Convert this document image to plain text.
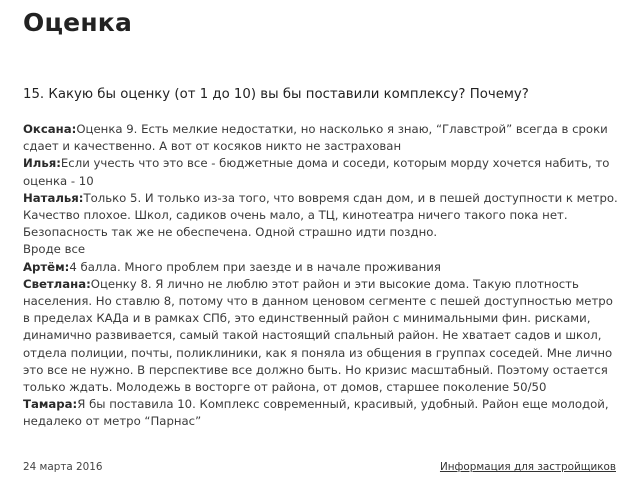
Оценка
15. Какую бы оценку (от 1 до 10) вы бы поставили комплексу? Почему?

Оксана:Оценка 9. Есть мелкие недостатки, но насколько я знаю, “Главстрой” всегда в сроки сдает и качественно. А вот от косяков никто не застрахован

Илья:Если учесть что это все - бюджетные дома и соседи, которым морду хочется набить, то оценка - 10

Наталья:Только 5. И только из-за того, что вовремя сдан дом, и в пешей доступности к метро. Качество плохое. Школ, садиков очень мало, а ТЦ, кинотеатра ничего такого пока нет. Безопасность так же не обеспечена. Одной страшно идти поздно.

Вроде все

Артём:4 балла. Много проблем при заезде и в начале проживания

Светлана:Оценку 8. Я лично не люблю этот район и эти высокие дома. Такую плотность населения. Но ставлю 8, потому что в данном ценовом сегменте с пешей доступностью метро в пределах КАДа и в рамках СПб, это единственный район с минимальными фин. рисками, динамично развивается, самый такой настоящий спальный район. Не хватает садов и школ, отдела полиции, почты, поликлиники, как я поняла из общения в группах соседей. Мне лично это все не нужно. В перспективе все должно быть. Но кризис масштабный. Поэтому остается только ждать. Молодежь в восторге от района, от домов, старшее поколение 50/50

Тамара:Я бы поставила 10. Комплекс современный, красивый, удобный. Район еще молодой, недалеко от метро “Парнас”

24 марта 2016	Информация для застройщиков
